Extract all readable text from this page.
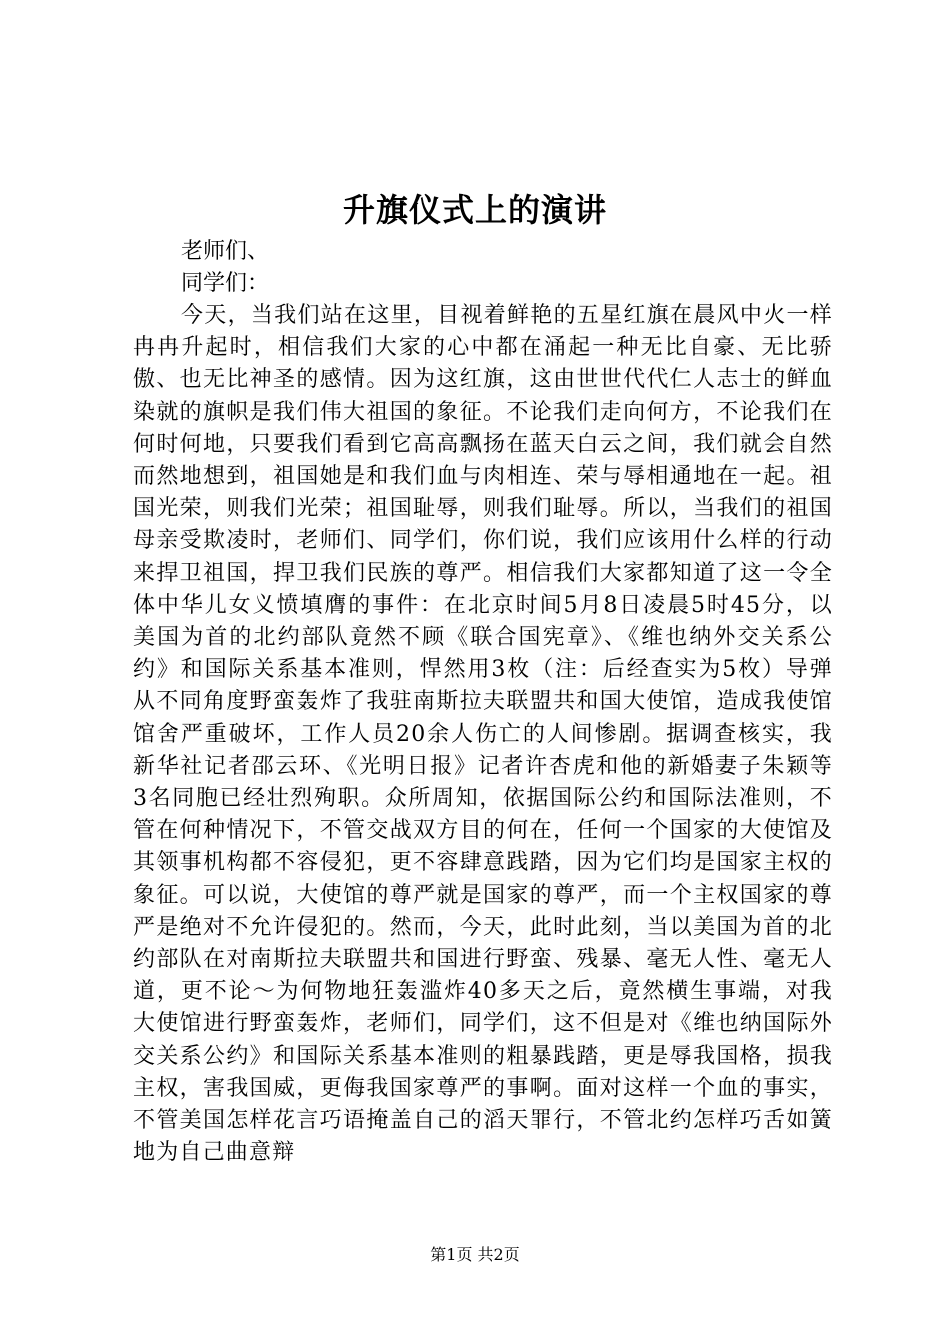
升旗仪式上的演讲
老师们、
同学们：

今天，当我们站在这里，目视着鲜艳的五星红旗在晨风中火一样冉冉升起时，相信我们大家的心中都在涌起一种无比自豪、无比骄傲、也无比神圣的感情。因为这红旗，这由世世代代仁人志士的鲜血染就的旗帜是我们伟大祖国的象征。不论我们走向何方，不论我们在何时何地，只要我们看到它高高飘扬在蓝天白云之间，我们就会自然而然地想到，祖国她是和我们血与肉相连、荣与辱相通地在一起。祖国光荣，则我们光荣；祖国耻辱，则我们耻辱。所以，当我们的祖国母亲受欺凌时，老师们、同学们，你们说，我们应该用什么样的行动来捍卫祖国，捍卫我们民族的尊严。相信我们大家都知道了这一令全体中华儿女义愤填膺的事件：在北京时间5月8日凌晨5时45分，以美国为首的北约部队竟然不顾《联合国宪章》、《维也纳外交关系公约》和国际关系基本准则，悍然用3枚（注：后经查实为5枚）导弹从不同角度野蛮轰炸了我驻南斯拉夫联盟共和国大使馆，造成我使馆馆舍严重破坏，工作人员20余人伤亡的人间惨剧。据调查核实，我新华社记者邵云环、《光明日报》记者许杏虎和他的新婚妻子朱颖等3名同胞已经壮烈殉职。众所周知，依据国际公约和国际法准则，不管在何种情况下，不管交战双方目的何在，任何一个国家的大使馆及其领事机构都不容侵犯，更不容肆意践踏，因为它们均是国家主权的象征。可以说，大使馆的尊严就是国家的尊严，而一个主权国家的尊严是绝对不允许侵犯的。然而，今天，此时此刻，当以美国为首的北约部队在对南斯拉夫联盟共和国进行野蛮、残暴、毫无人性、毫无人道，更不论～为何物地狂轰滥炸40多天之后，竟然横生事端，对我大使馆进行野蛮轰炸，老师们，同学们，这不但是对《维也纳国际外交关系公约》和国际关系基本准则的粗暴践踏，更是辱我国格，损我主权，害我国威，更侮我国家尊严的事啊。面对这样一个血的事实，不管美国怎样花言巧语掩盖自己的滔天罪行，不管北约怎样巧舌如簧地为自己曲意辩

第1页 共2页
